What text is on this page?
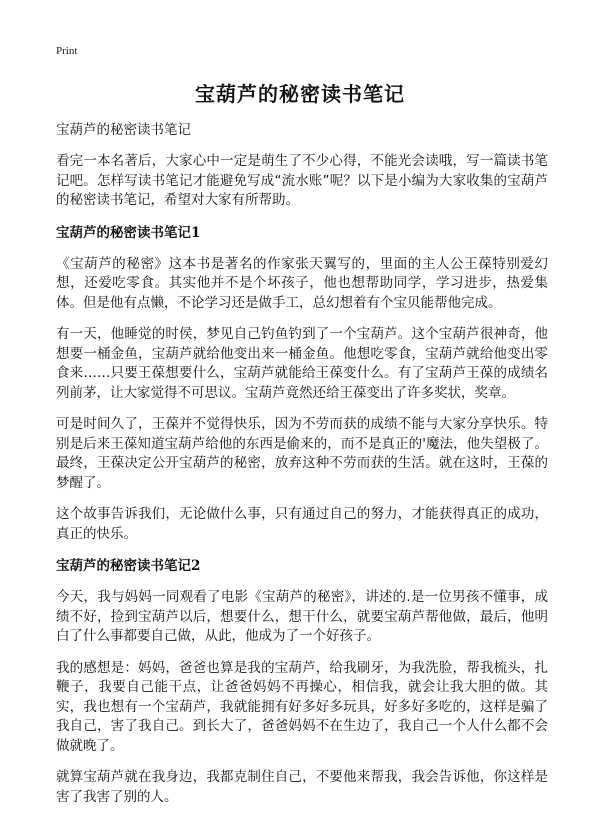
Print
宝葫芦的秘密读书笔记
宝葫芦的秘密读书笔记

看完一本名著后，大家心中一定是萌生了不少心得，不能光会读哦，写一篇读书笔记吧。怎样写读书笔记才能避免写成“流水账”呢？以下是小编为大家收集的宝葫芦的秘密读书笔记，希望对大家有所帮助。

宝葫芦的秘密读书笔记1

《宝葫芦的秘密》这本书是著名的作家张天翼写的，里面的主人公王葆特别爱幻想，还爱吃零食。其实他并不是个坏孩子，他也想帮助同学，学习进步，热爱集体。但是他有点懒，不论学习还是做手工，总幻想着有个宝贝能帮他完成。

有一天，他睡觉的时侯，梦见自己钓鱼钓到了一个宝葫芦。这个宝葫芦很神奇，他想要一桶金鱼，宝葫芦就给他变出来一桶金鱼。他想吃零食，宝葫芦就给他变出零食来……只要王葆想要什么，宝葫芦就能给王葆变什么。有了宝葫芦王葆的成绩名列前茅，让大家觉得不可思议。宝葫芦竟然还给王葆变出了许多奖状，奖章。

可是时间久了，王葆并不觉得快乐，因为不劳而获的成绩不能与大家分享快乐。特别是后来王葆知道宝葫芦给他的东西是偷来的，而不是真正的'魔法，他失望极了。最终，王葆决定公开宝葫芦的秘密，放弃这种不劳而获的生活。就在这时，王葆的梦醒了。

这个故事告诉我们，无论做什么事，只有通过自己的努力，才能获得真正的成功，真正的快乐。

宝葫芦的秘密读书笔记2

今天，我与妈妈一同观看了电影《宝葫芦的秘密》，讲述的.是一位男孩不懂事，成绩不好，捡到宝葫芦以后，想要什么，想干什么，就要宝葫芦帮他做，最后，他明白了什么事都要自己做，从此，他成为了一个好孩子。

我的感想是：妈妈，爸爸也算是我的宝葫芦，给我刷牙，为我洗脸，帮我梳头，扎鞭子，我要自己能干点，让爸爸妈妈不再操心，相信我，就会让我大胆的做。其实，我也想有一个宝葫芦，我就能拥有好多好多玩具，好多好多吃的，这样是骗了我自己，害了我自己。到长大了，爸爸妈妈不在生边了，我自己一个人什么都不会做就晚了。

就算宝葫芦就在我身边，我都克制住自己，不要他来帮我，我会告诉他，你这样是害了我害了别的人。
